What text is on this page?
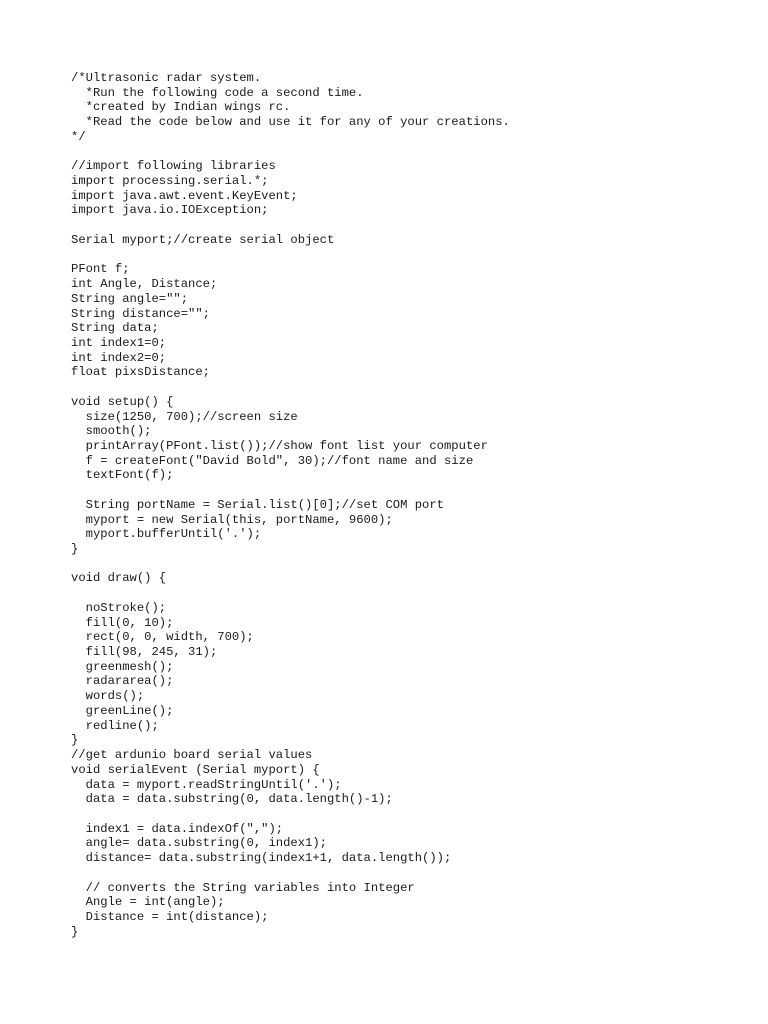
/*Ultrasonic radar system.
*Run the following code a second time.
*created by Indian wings rc.
*Read the code below and use it for any of your creations.
*/
//import following libraries
import processing.serial.*;
import java.awt.event.KeyEvent;
import java.io.IOException;
Serial myport;//create serial object
PFont f;
int Angle, Distance;
String angle="";
String distance="";
String data;
int index1=0;
int index2=0;
float pixsDistance;
void setup() {
size(1250, 700);//screen size
smooth();
printArray(PFont.list());//show font list your computer
f = createFont("David Bold", 30);//font name and size
textFont(f);
String portName = Serial.list()[0];//set COM port
myport = new Serial(this, portName, 9600);
myport.bufferUntil('.');
}
void draw() {
noStroke();
fill(0, 10);
rect(0, 0, width, 700);
fill(98, 245, 31);
greenmesh();
radararea();
words();
greenLine();
redline();
}
//get ardunio board serial values
void serialEvent (Serial myport) {
data = myport.readStringUntil('.');
data = data.substring(0, data.length()-1);
index1 = data.indexOf(",");
angle= data.substring(0, index1);
distance= data.substring(index1+1, data.length());
// converts the String variables into Integer
Angle = int(angle);
Distance = int(distance);
}
